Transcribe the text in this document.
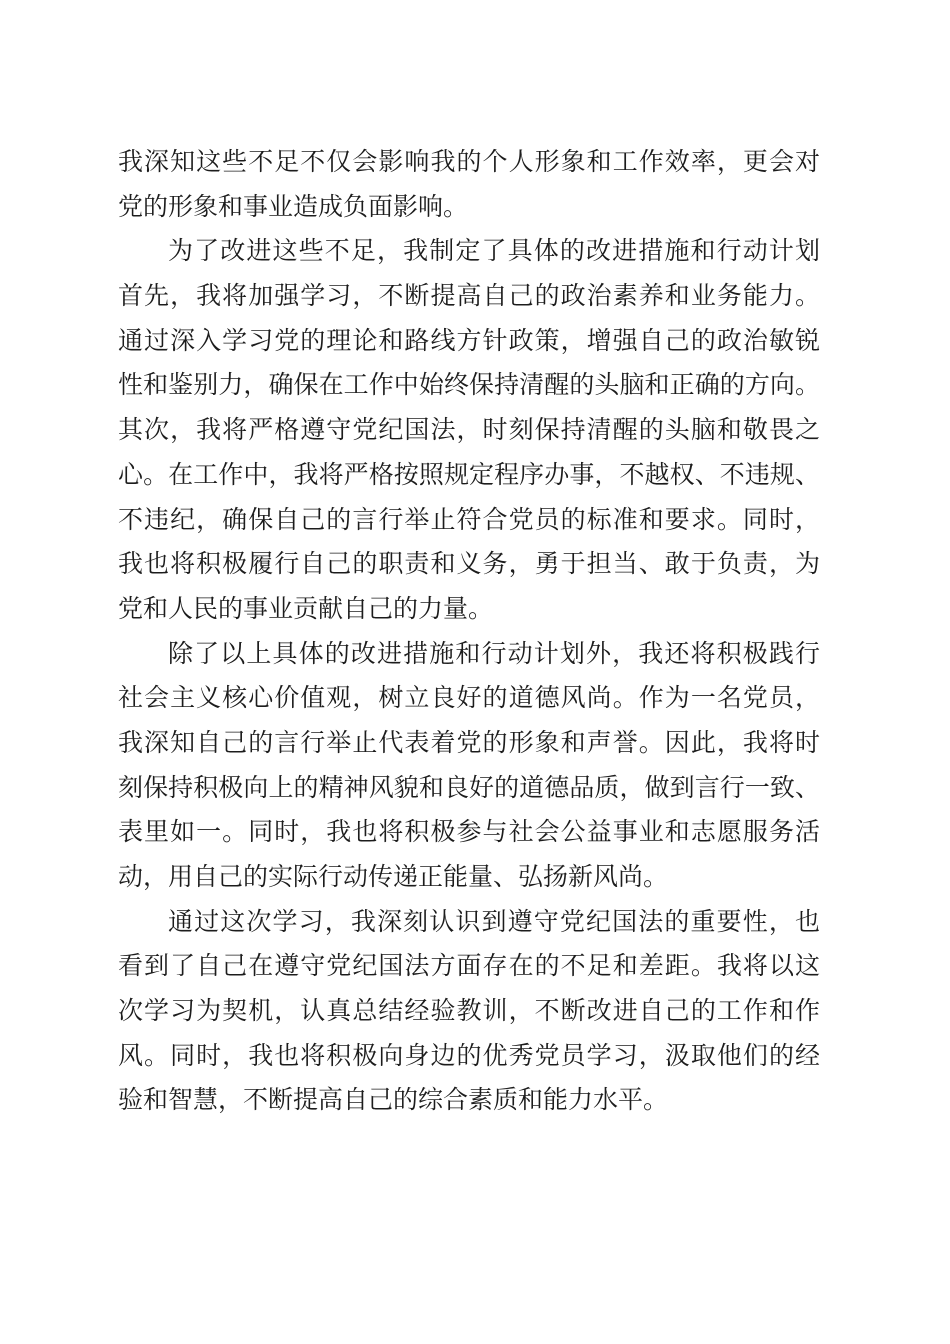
我深知这些不足不仅会影响我的个人形象和工作效率，更会对
党的形象和事业造成负面影响。
为了改进这些不足，我制定了具体的改进措施和行动计划
首先，我将加强学习，不断提高自己的政治素养和业务能力。
通过深入学习党的理论和路线方针政策，增强自己的政治敏锐
性和鉴别力，确保在工作中始终保持清醒的头脑和正确的方向。
其次，我将严格遵守党纪国法，时刻保持清醒的头脑和敬畏之
心。在工作中，我将严格按照规定程序办事，不越权、不违规、
不违纪，确保自己的言行举止符合党员的标准和要求。同时，
我也将积极履行自己的职责和义务，勇于担当、敢于负责，为
党和人民的事业贡献自己的力量。
除了以上具体的改进措施和行动计划外，我还将积极践行
社会主义核心价值观，树立良好的道德风尚。作为一名党员，
我深知自己的言行举止代表着党的形象和声誉。因此，我将时
刻保持积极向上的精神风貌和良好的道德品质，做到言行一致、
表里如一。同时，我也将积极参与社会公益事业和志愿服务活
动，用自己的实际行动传递正能量、弘扬新风尚。
通过这次学习，我深刻认识到遵守党纪国法的重要性，也
看到了自己在遵守党纪国法方面存在的不足和差距。我将以这
次学习为契机，认真总结经验教训，不断改进自己的工作和作
风。同时，我也将积极向身边的优秀党员学习，汲取他们的经
验和智慧，不断提高自己的综合素质和能力水平。
